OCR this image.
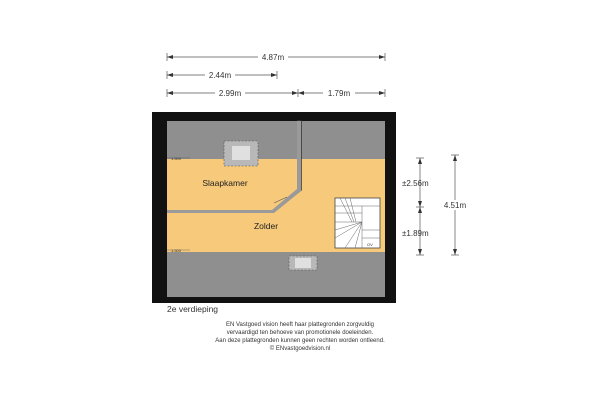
4.87m
2.44m
2.99m	1.79m
±2.56m
±1.89m
4.51m
OV
Slaapkamer
Zolder
1.500
1.500
2e verdieping
EN Vastgoed vision heeft haar plattegronden zorgvuldig
vervaardigd ten behoeve van promotionele doeleinden.
Aan deze plattegronden kunnen geen rechten worden ontleend.
© ENvastgoedvision.nl
